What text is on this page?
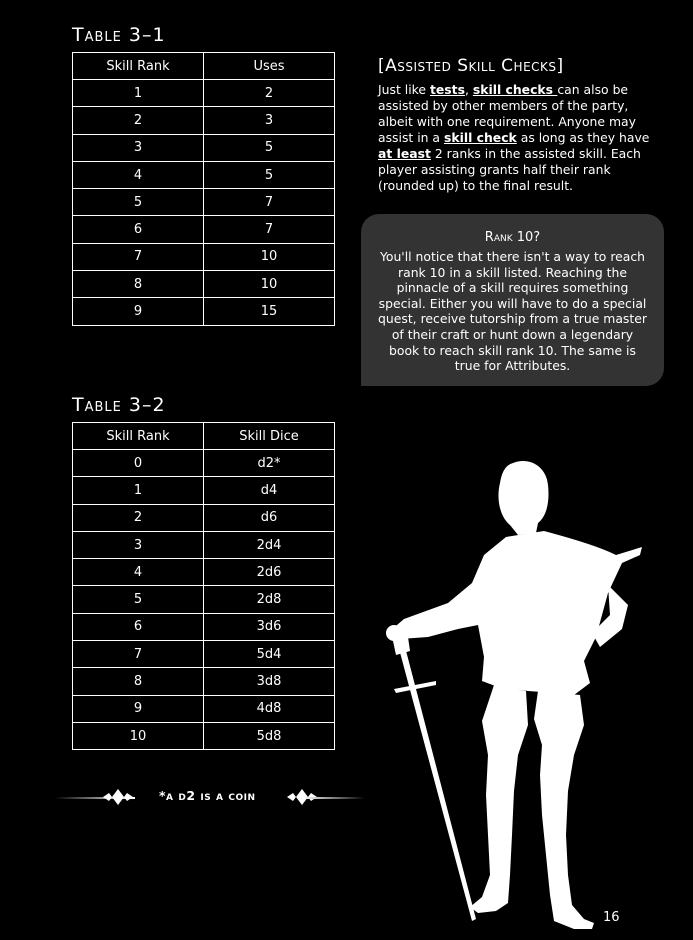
Table 3–1
Skill Rank	Uses
1	2
2	3
3	5
4	5
5	7
6	7
7	10
8	10
9	15
Table 3–2
Skill Rank	Skill Dice
0	d2*
1	d4
2	d6
3	2d4
4	2d6
5	2d8
6	3d6
7	5d4
8	3d8
9	4d8
10	5d8
[Assisted Skill Checks]
Just like tests, skill checks can also be assisted by other members of the party, albeit with one requirement. Anyone may assist in a skill check as long as they have at least 2 ranks in the assisted skill. Each player assisting grants half their rank (rounded up) to the final result.
Rank 10?
You'll notice that there isn't a way to reach rank 10 in a skill listed. Reaching the pinnacle of a skill requires something special. Either you will have to do a special quest, receive tutorship from a true master of their craft or hunt down a legendary book to reach skill rank 10. The same is true for Attributes.
*a d2 is a coin
16
